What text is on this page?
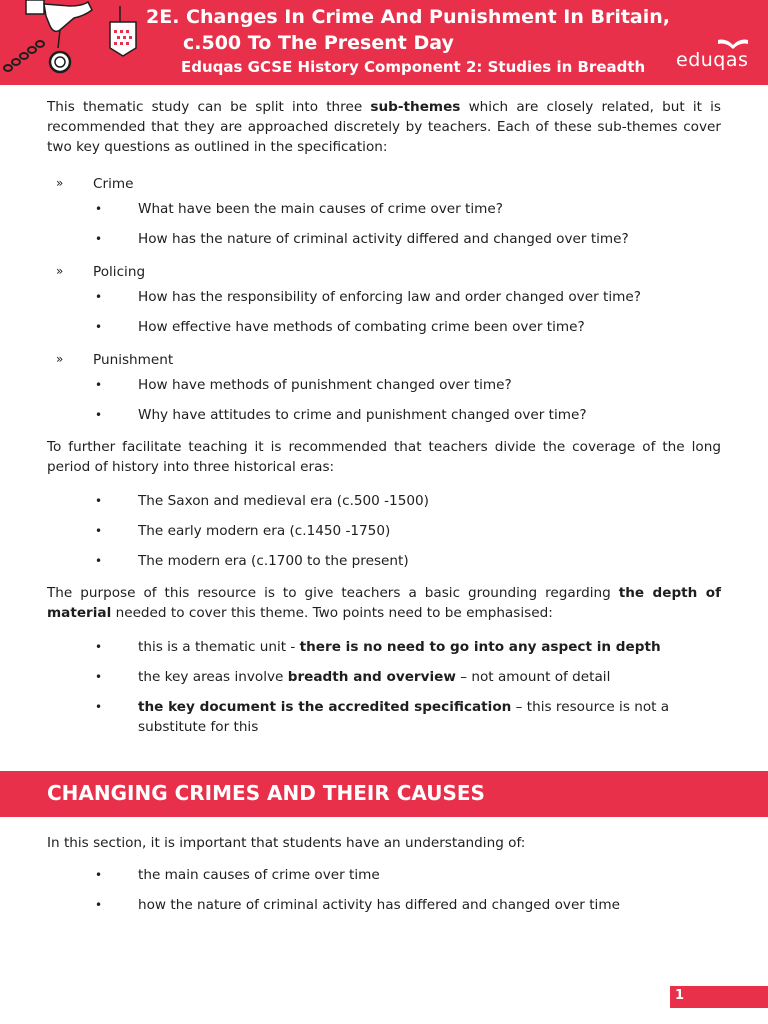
2E. Changes In Crime And Punishment In Britain,
c.500 To The Present Day
Eduqas GCSE History Component 2: Studies in Breadth eduqas

This thematic study can be split into three sub-themes which are closely related, but it is recommended that they are approached discretely by teachers. Each of these sub-themes cover two key questions as outlined in the specification:

» Crime
•	What have been the main causes of crime over time?
•	How has the nature of criminal activity differed and changed over time?
» Policing
•	How has the responsibility of enforcing law and order changed over time?
•	How effective have methods of combating crime been over time?
» Punishment
•	How have methods of punishment changed over time?
•	Why have attitudes to crime and punishment changed over time?

To further facilitate teaching it is recommended that teachers divide the coverage of the long period of history into three historical eras:

•	The Saxon and medieval era (c.500 -1500)
•	The early modern era (c.1450 -1750)
•	The modern era (c.1700 to the present)

The purpose of this resource is to give teachers a basic grounding regarding the depth of material needed to cover this theme. Two points need to be emphasised:

•	this is a thematic unit - there is no need to go into any aspect in depth
•	the key areas involve breadth and overview – not amount of detail
•	the key document is the accredited specification – this resource is not a substitute for this
CHANGING CRIMES AND THEIR CAUSES

In this section, it is important that students have an understanding of:

•	the main causes of crime over time
•	how the nature of criminal activity has differed and changed over time
1
